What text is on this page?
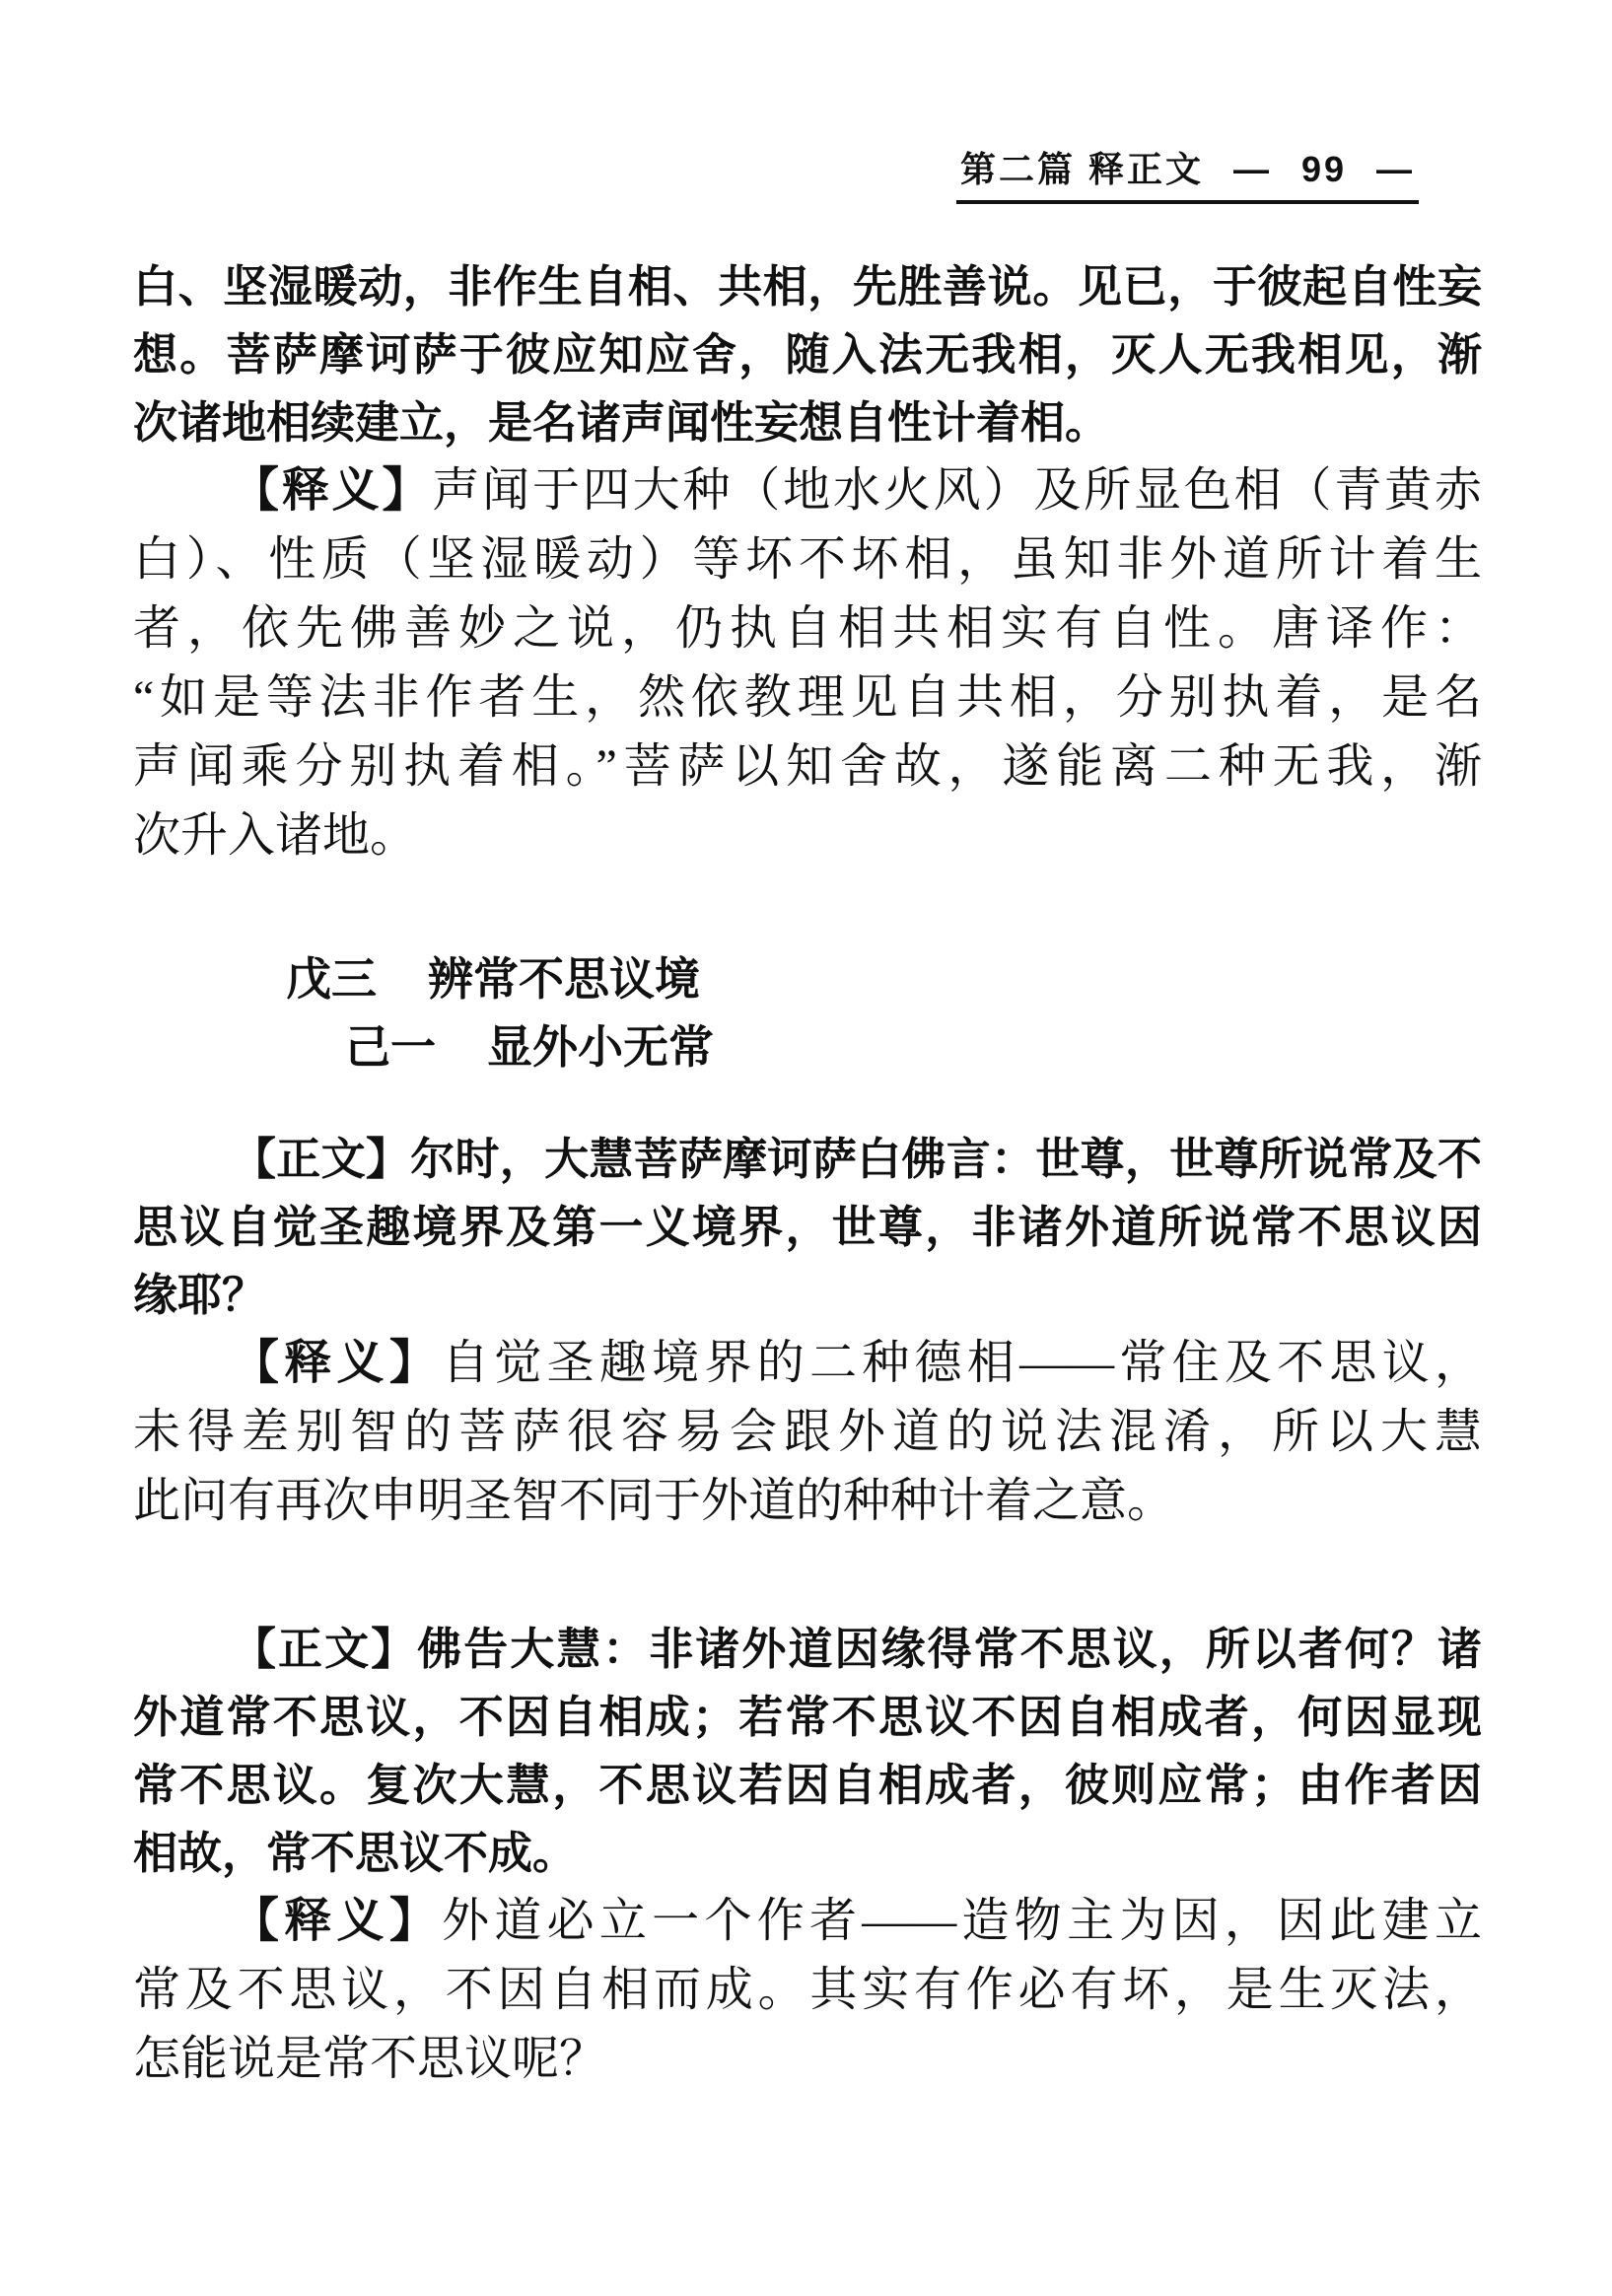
第二篇 释正文 — 99 —
白、坚湿暖动，非作生自相、共相，先胜善说。见已，于彼起自性妄
想。菩萨摩诃萨于彼应知应舍，随入法无我相，灭人无我相见，渐
次诸地相续建立，是名诸声闻性妄想自性计着相。
【释义】声闻于四大种（地水火风）及所显色相（青黄赤
白）、性质（坚湿暖动）等坏不坏相，虽知非外道所计着生
者，依先佛善妙之说，仍执自相共相实有自性。唐译作：
“如是等法非作者生，然依教理见自共相，分别执着，是名
声闻乘分别执着相。”菩萨以知舍故，遂能离二种无我，渐
次升入诸地。
戊三 辨常不思议境
己一 显外小无常
【正文】尔时，大慧菩萨摩诃萨白佛言：世尊，世尊所说常及不
思议自觉圣趣境界及第一义境界，世尊，非诸外道所说常不思议因
缘耶？
【释义】自觉圣趣境界的二种德相——常住及不思议，
未得差别智的菩萨很容易会跟外道的说法混淆，所以大慧
此问有再次申明圣智不同于外道的种种计着之意。
【正文】佛告大慧：非诸外道因缘得常不思议，所以者何？诸
外道常不思议，不因自相成；若常不思议不因自相成者，何因显现
常不思议。复次大慧，不思议若因自相成者，彼则应常；由作者因
相故，常不思议不成。
【释义】外道必立一个作者——造物主为因，因此建立
常及不思议，不因自相而成。其实有作必有坏，是生灭法，
怎能说是常不思议呢？
